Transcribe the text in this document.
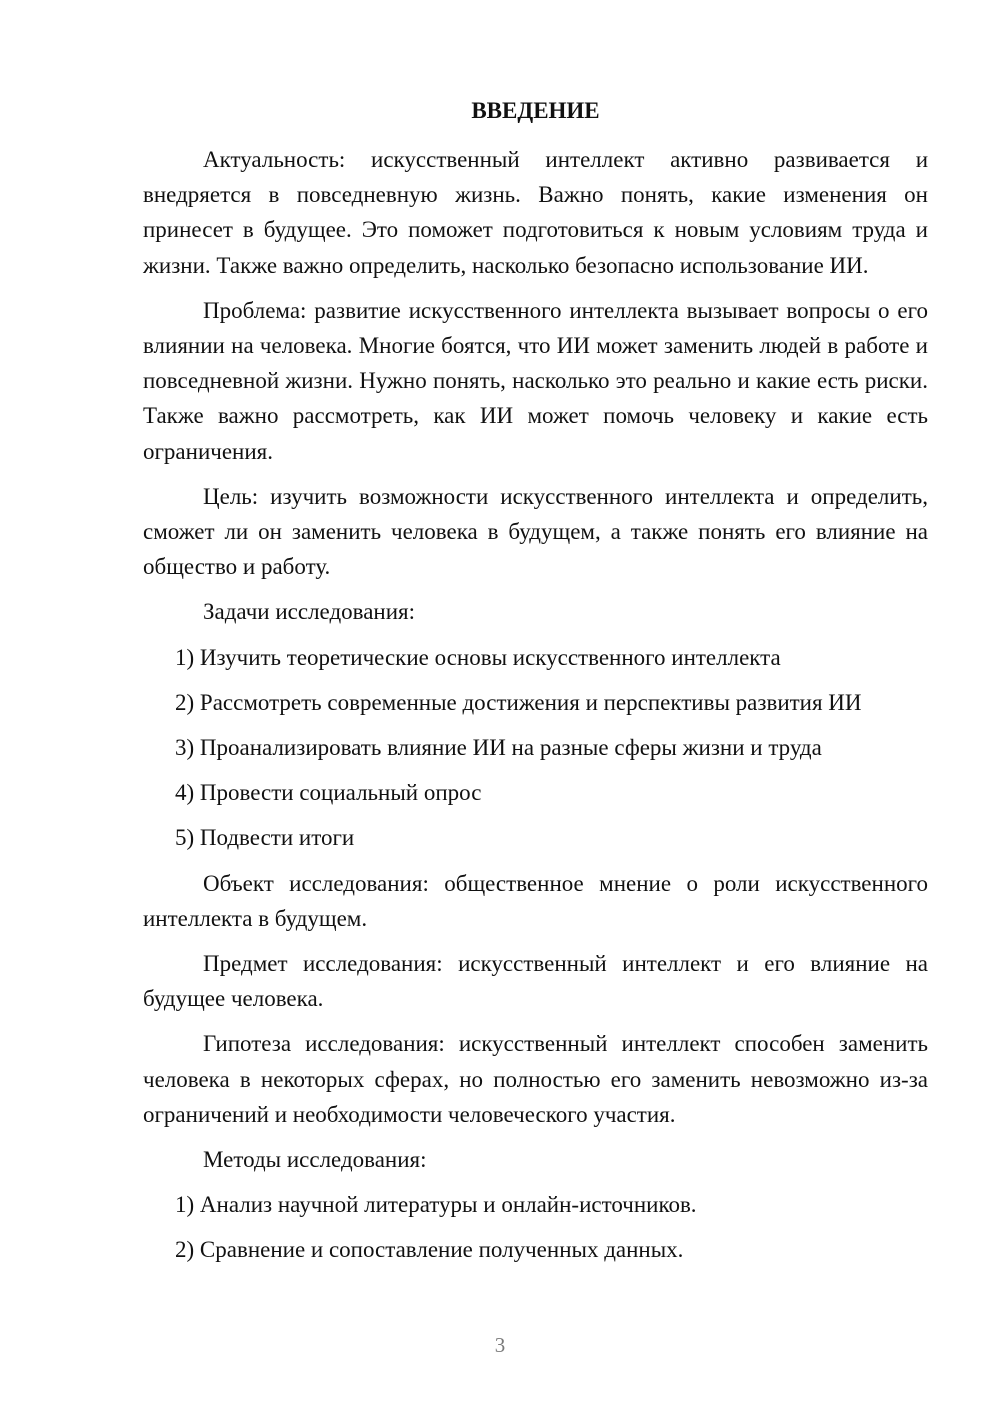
ВВЕДЕНИЕ

Актуальность: искусственный интеллект активно развивается и внедряется в повседневную жизнь. Важно понять, какие изменения он принесет в будущее. Это поможет подготовиться к новым условиям труда и жизни. Также важно определить, насколько безопасно использование ИИ.

Проблема: развитие искусственного интеллекта вызывает вопросы о его влиянии на человека. Многие боятся, что ИИ может заменить людей в работе и повседневной жизни. Нужно понять, насколько это реально и какие есть риски. Также важно рассмотреть, как ИИ может помочь человеку и какие есть ограничения.

Цель: изучить возможности искусственного интеллекта и определить, сможет ли он заменить человека в будущем, а также понять его влияние на общество и работу.

Задачи исследования:

1) Изучить теоретические основы искусственного интеллекта
2) Рассмотреть современные достижения и перспективы развития ИИ
3) Проанализировать влияние ИИ на разные сферы жизни и труда
4) Провести социальный опрос
5) Подвести итоги

Объект исследования: общественное мнение о роли искусственного интеллекта в будущем.

Предмет исследования: искусственный интеллект и его влияние на будущее человека.

Гипотеза исследования: искусственный интеллект способен заменить человека в некоторых сферах, но полностью его заменить невозможно из-за ограничений и необходимости человеческого участия.

Методы исследования:

1) Анализ научной литературы и онлайн-источников.
2) Сравнение и сопоставление полученных данных.
3
